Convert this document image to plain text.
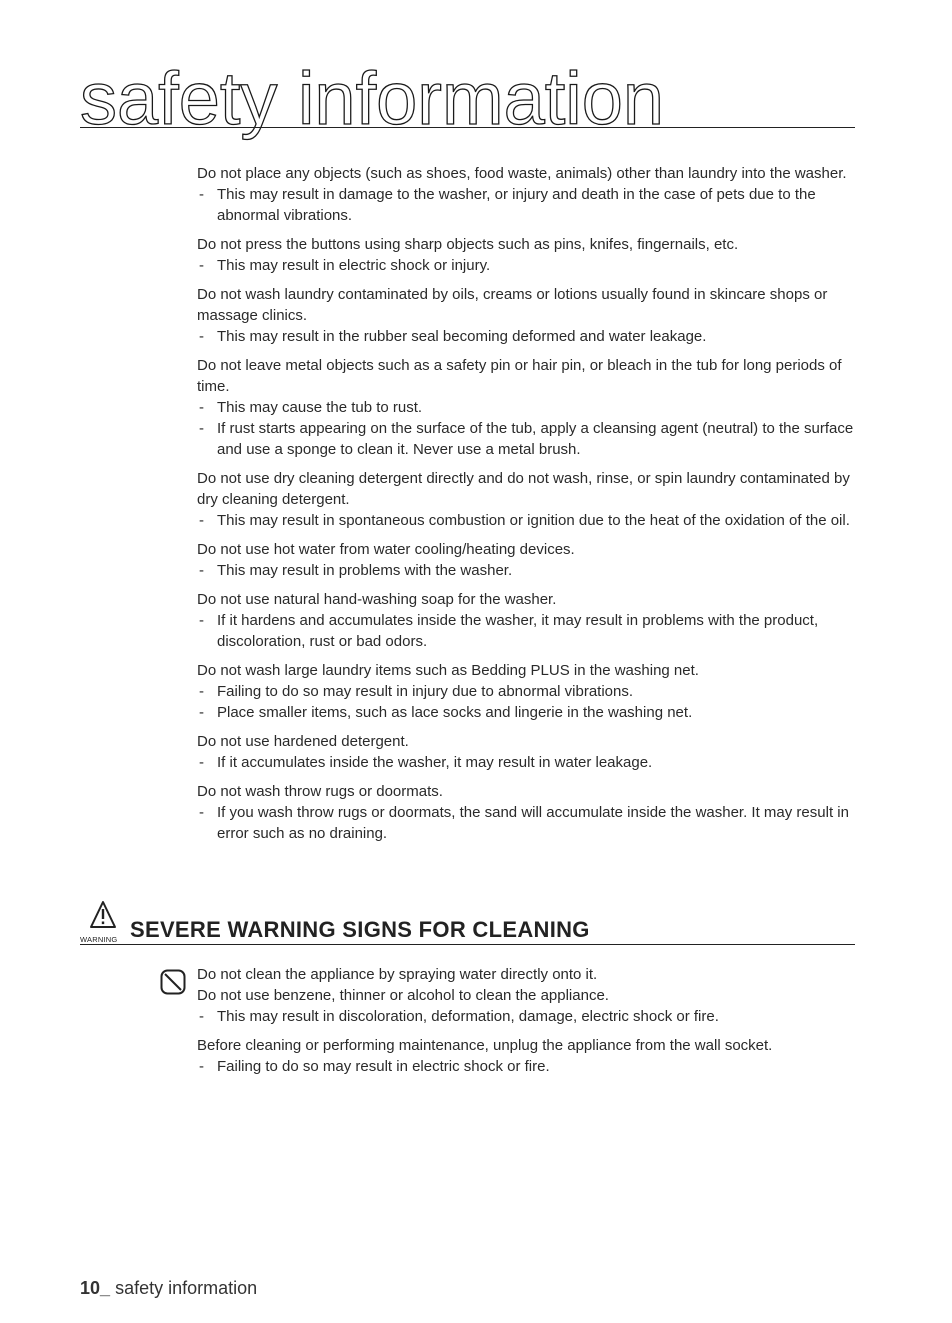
safety information

Do not place any objects (such as shoes, food waste, animals) other than laundry into the washer.

- This may result in damage to the washer, or injury and death in the case of pets due to the abnormal vibrations.

Do not press the buttons using sharp objects such as pins, knifes, fingernails, etc.

- This may result in electric shock or injury.

Do not wash laundry contaminated by oils, creams or lotions usually found in skincare shops or massage clinics.

- This may result in the rubber seal becoming deformed and water leakage.

Do not leave metal objects such as a safety pin or hair pin, or bleach in the tub for long periods of time.

- This may cause the tub to rust.

- If rust starts appearing on the surface of the tub, apply a cleansing agent (neutral) to the surface and use a sponge to clean it. Never use a metal brush.

Do not use dry cleaning detergent directly and do not wash, rinse, or spin laundry contaminated by dry cleaning detergent.

- This may result in spontaneous combustion or ignition due to the heat of the oxidation of the oil.

Do not use hot water from water cooling/heating devices.

- This may result in problems with the washer.

Do not use natural hand-washing soap for the washer.

- If it hardens and accumulates inside the washer, it may result in problems with the product, discoloration, rust or bad odors.

Do not wash large laundry items such as Bedding PLUS in the washing net.

- Failing to do so may result in injury due to abnormal vibrations.

- Place smaller items, such as lace socks and lingerie in the washing net.

Do not use hardened detergent.

- If it accumulates inside the washer, it may result in water leakage.

Do not wash throw rugs or doormats.

- If you wash throw rugs or doormats, the sand will accumulate inside the washer. It may result in error such as no draining.

WARNING SEVERE WARNING SIGNS FOR CLEANING

Do not clean the appliance by spraying water directly onto it.

Do not use benzene, thinner or alcohol to clean the appliance.

- This may result in discoloration, deformation, damage, electric shock or fire.

Before cleaning or performing maintenance, unplug the appliance from the wall socket.

- Failing to do so may result in electric shock or fire.

10_ safety information
